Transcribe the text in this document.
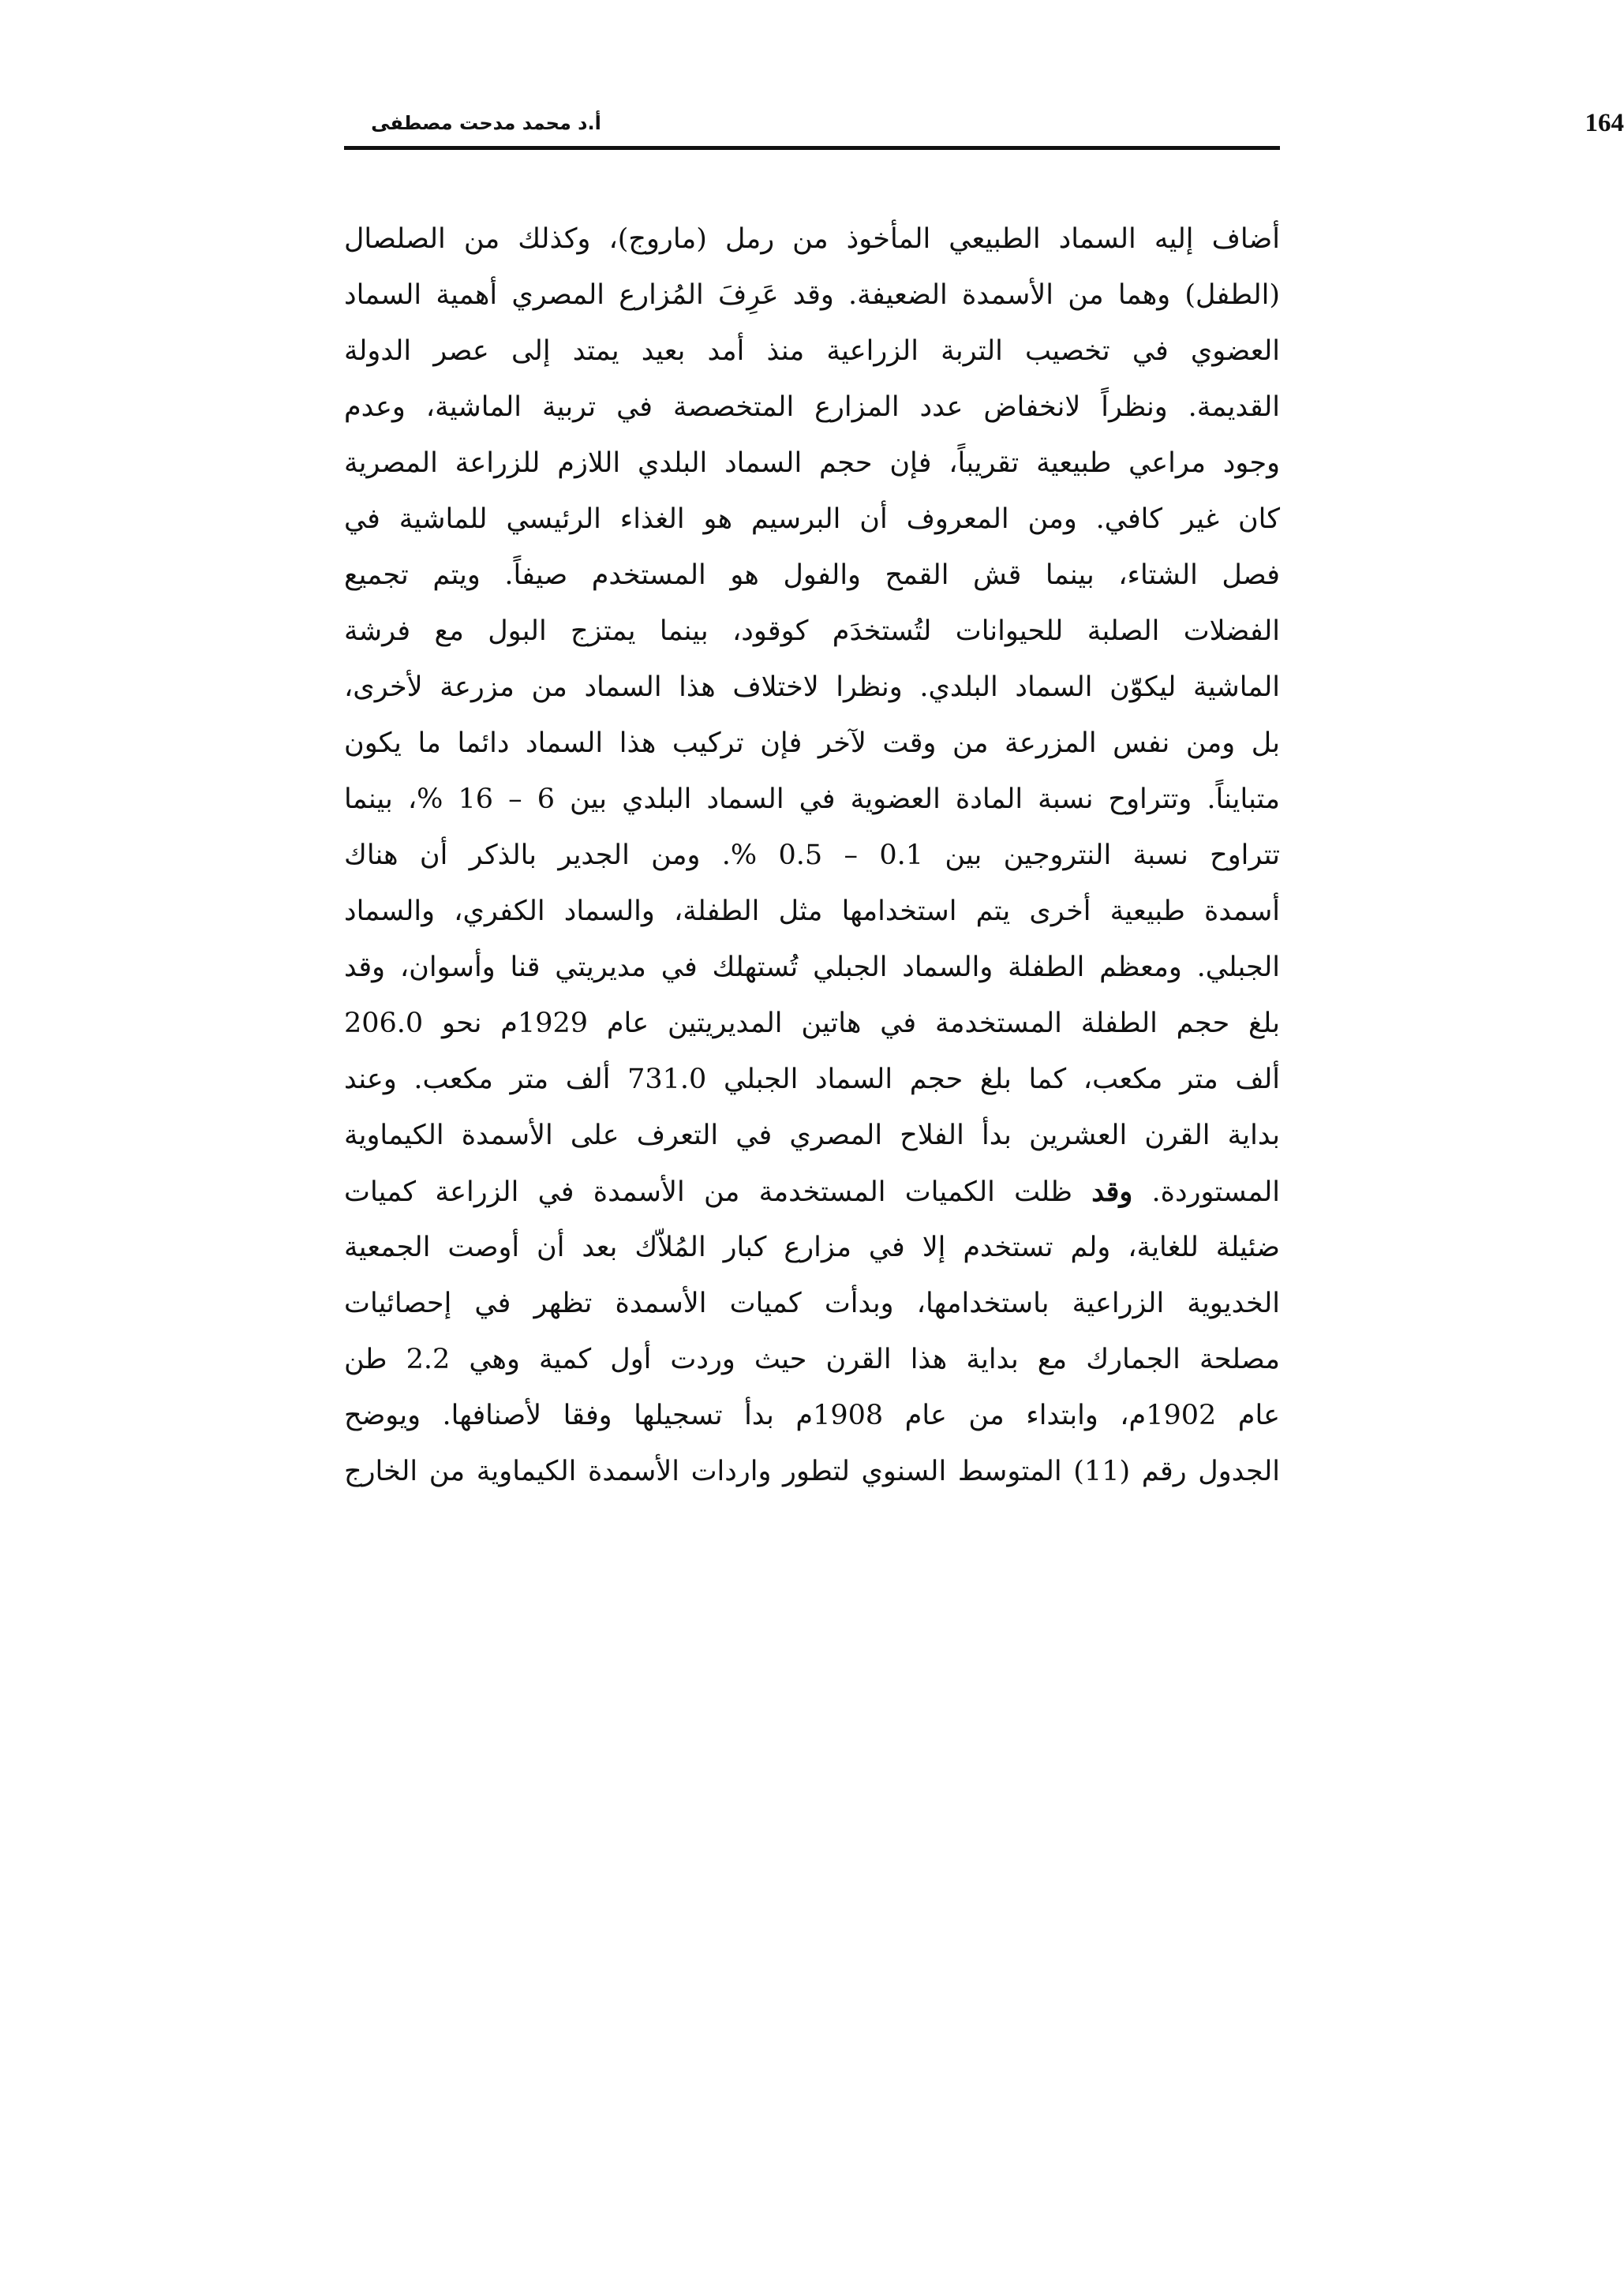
164
أ.د محمد مدحت مصطفى
أضاف إليه السماد الطبيعي المأخوذ من رمل (ماروج)، وكذلك من الصلصال
(الطفل) وهما من الأسمدة الضعيفة. وقد عَرِفَ المُزارع المصري أهمية السماد
العضوي في تخصيب التربة الزراعية منذ أمد بعيد يمتد إلى عصر الدولة
القديمة. ونظراً لانخفاض عدد المزارع المتخصصة في تربية الماشية، وعدم
وجود مراعي طبيعية تقريباً، فإن حجم السماد البلدي اللازم للزراعة المصرية
كان غير كافي. ومن المعروف أن البرسيم هو الغذاء الرئيسي للماشية في
فصل الشتاء، بينما قش القمح والفول هو المستخدم صيفاً. ويتم تجميع
الفضلات الصلبة للحيوانات لتُستخدَم كوقود، بينما يمتزج البول مع فرشة
الماشية ليكوّن السماد البلدي. ونظرا لاختلاف هذا السماد من مزرعة لأخرى،
بل ومن نفس المزرعة من وقت لآخر فإن تركيب هذا السماد دائما ما يكون
متبايناً. وتتراوح نسبة المادة العضوية في السماد البلدي بين 6 – 16 %، بينما
تتراوح نسبة النتروجين بين 0.1 – 0.5 %. ومن الجدير بالذكر أن هناك
أسمدة طبيعية أخرى يتم استخدامها مثل الطفلة، والسماد الكفري، والسماد
الجبلي. ومعظم الطفلة والسماد الجبلي تُستهلك في مديريتي قنا وأسوان، وقد
بلغ حجم الطفلة المستخدمة في هاتين المديريتين عام 1929م نحو 206.0
ألف متر مكعب، كما بلغ حجم السماد الجبلي 731.0 ألف متر مكعب. وعند
بداية القرن العشرين بدأ الفلاح المصري في التعرف على الأسمدة الكيماوية
المستوردة. وقد ظلت الكميات المستخدمة من الأسمدة في الزراعة كميات
ضئيلة للغاية، ولم تستخدم إلا في مزارع كبار المُلاّك بعد أن أوصت الجمعية
الخديوية الزراعية باستخدامها، وبدأت كميات الأسمدة تظهر في إحصائيات
مصلحة الجمارك مع بداية هذا القرن حيث وردت أول كمية وهي 2.2 طن
عام 1902م، وابتداء من عام 1908م بدأ تسجيلها وفقا لأصنافها. ويوضح
الجدول رقم (11) المتوسط السنوي لتطور واردات الأسمدة الكيماوية من الخارج
